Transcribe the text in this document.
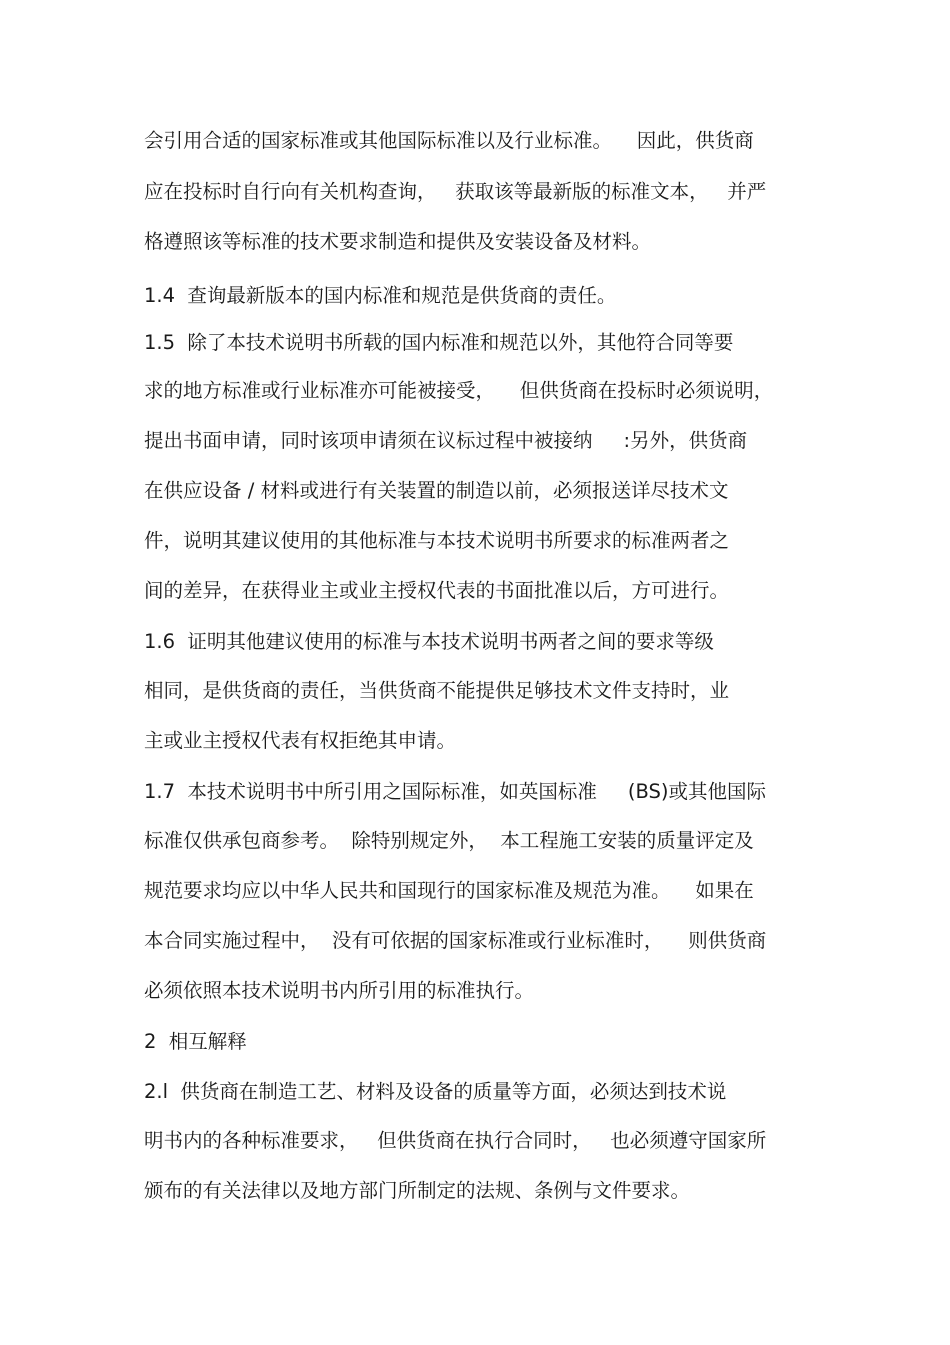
会引用合适的国家标准或其他国际标准以及行业标准。    因此，供货商
应在投标时自行向有关机构查询，   获取该等最新版的标准文本，   并严
格遵照该等标准的技术要求制造和提供及安装设备及材料。
1.4  查询最新版本的国内标准和规范是供货商的责任。
1.5  除了本技术说明书所载的国内标准和规范以外，其他符合同等要
求的地方标准或行业标准亦可能被接受，    但供货商在投标时必须说明，
提出书面申请，同时该项申请须在议标过程中被接纳     :另外，供货商
在供应设备 / 材料或进行有关装置的制造以前，必须报送详尽技术文
件，说明其建议使用的其他标准与本技术说明书所要求的标准两者之
间的差异，在获得业主或业主授权代表的书面批准以后，方可进行。
1.6  证明其他建议使用的标准与本技术说明书两者之间的要求等级
相同，是供货商的责任，当供货商不能提供足够技术文件支持时，业
主或业主授权代表有权拒绝其申请。
1.7  本技术说明书中所引用之国际标准，如英国标准     (BS)或其他国际
标准仅供承包商参考。  除特别规定外，  本工程施工安装的质量评定及
规范要求均应以中华人民共和国现行的国家标准及规范为准。    如果在
本合同实施过程中，  没有可依据的国家标准或行业标准时，    则供货商
必须依照本技术说明书内所引用的标准执行。
2  相互解释
2.l  供货商在制造工艺、材料及设备的质量等方面，必须达到技术说
明书内的各种标准要求，   但供货商在执行合同时，   也必须遵守国家所
颁布的有关法律以及地方部门所制定的法规、条例与文件要求。
